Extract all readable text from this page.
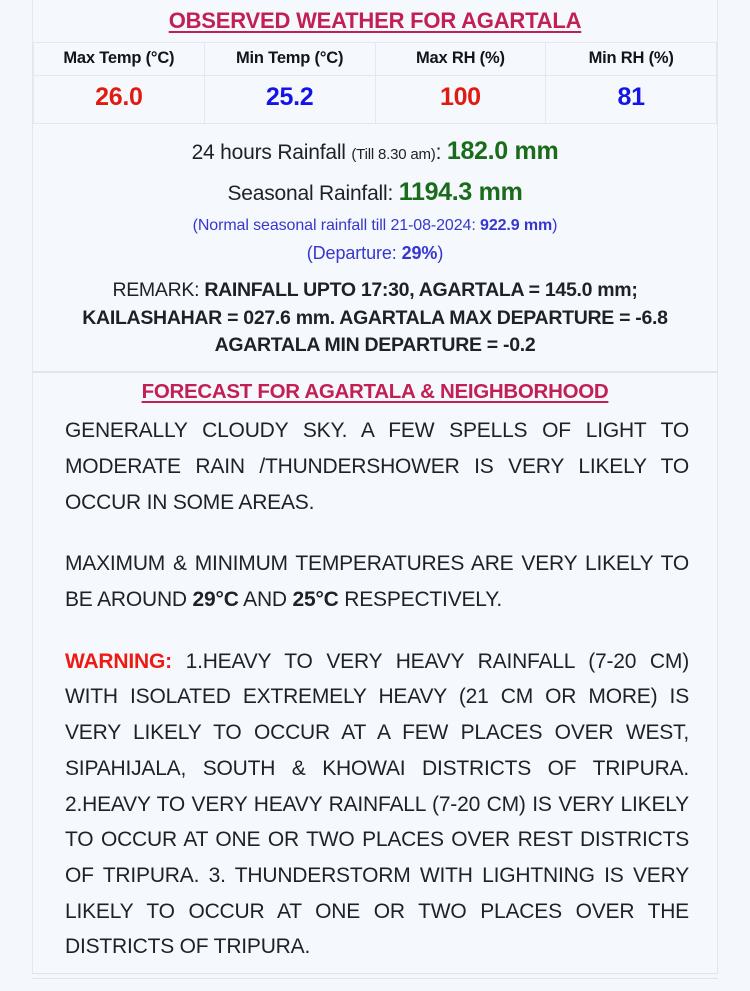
OBSERVED WEATHER FOR AGARTALA
Max Temp (°C)	Min Temp (°C)	Max RH (%)	Min RH (%)
26.0	25.2	100	81
24 hours Rainfall (Till 8.30 am): 182.0 mm
Seasonal Rainfall: 1194.3 mm
(Normal seasonal rainfall till 21-08-2024: 922.9 mm)
(Departure: 29%)
REMARK: RAINFALL UPTO 17:30, AGARTALA = 145.0 mm; KAILASHAHAR = 027.6 mm. AGARTALA MAX DEPARTURE = -6.8 AGARTALA MIN DEPARTURE = -0.2
FORECAST FOR AGARTALA & NEIGHBORHOOD

GENERALLY CLOUDY SKY. A FEW SPELLS OF LIGHT TO MODERATE RAIN /THUNDERSHOWER IS VERY LIKELY TO OCCUR IN SOME AREAS.

MAXIMUM & MINIMUM TEMPERATURES ARE VERY LIKELY TO BE AROUND 29°C AND 25°C RESPECTIVELY.

WARNING: 1.HEAVY TO VERY HEAVY RAINFALL (7-20 CM) WITH ISOLATED EXTREMELY HEAVY (21 CM OR MORE) IS VERY LIKELY TO OCCUR AT A FEW PLACES OVER WEST, SIPAHIJALA, SOUTH & KHOWAI DISTRICTS OF TRIPURA. 2.HEAVY TO VERY HEAVY RAINFALL (7-20 CM) IS VERY LIKELY TO OCCUR AT ONE OR TWO PLACES OVER REST DISTRICTS OF TRIPURA. 3. THUNDERSTORM WITH LIGHTNING IS VERY LIKELY TO OCCUR AT ONE OR TWO PLACES OVER THE DISTRICTS OF TRIPURA.
